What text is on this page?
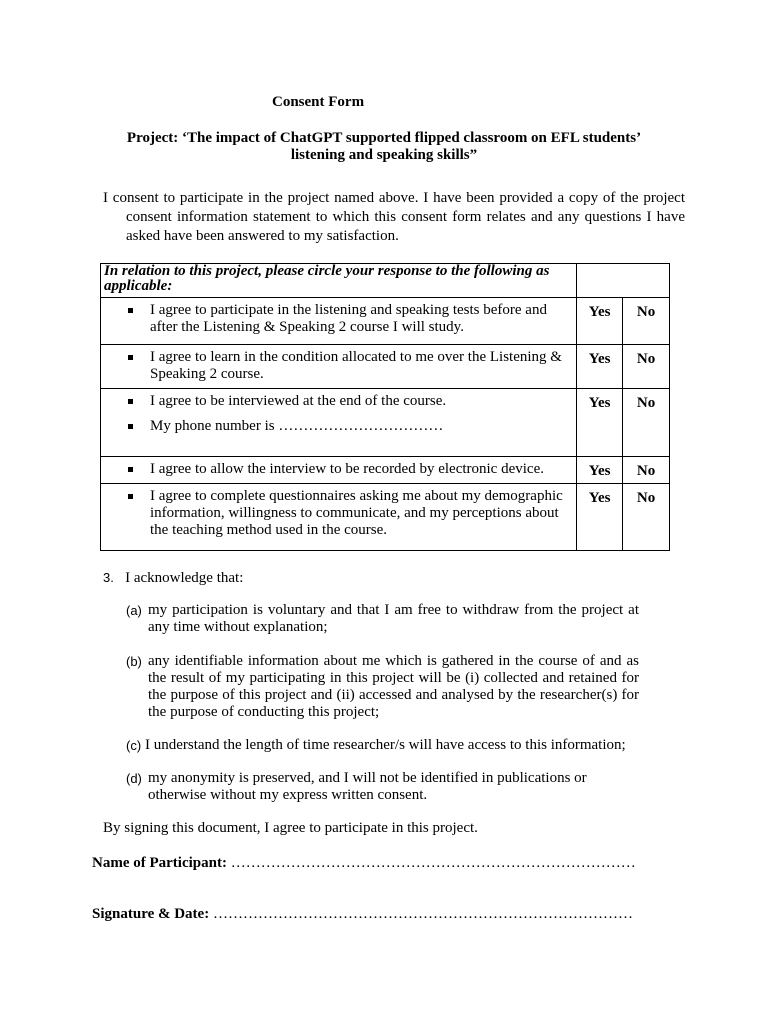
Consent Form
Project: ‘The impact of ChatGPT supported flipped classroom on EFL students’ listening and speaking skills”
I consent to participate in the project named above. I have been provided a copy of the project consent information statement to which this consent form relates and any questions I have asked have been answered to my satisfaction.
In relation to this project, please circle your response to the following as applicable:		

I agree to participate in the listening and speaking tests before and after the Listening & Speaking 2 course I will study.	Yes	No

I agree to learn in the condition allocated to me over the Listening & Speaking 2 course.	Yes	No

I agree to be interviewed at the end of the course.
My phone number is ……………………………	Yes	No

I agree to allow the interview to be recorded by electronic device.	Yes	No

I agree to complete questionnaires asking me about my demographic information, willingness to communicate, and my perceptions about the teaching method used in the course.	Yes	No
3. I acknowledge that:
(a) my participation is voluntary and that I am free to withdraw from the project at any time without explanation;
(b) any identifiable information about me which is gathered in the course of and as the result of my participating in this project will be (i) collected and retained for the purpose of this project and (ii) accessed and analysed by the researcher(s) for the purpose of conducting this project;
(c) I understand the length of time researcher/s will have access to this information;
(d) my anonymity is preserved, and I will not be identified in publications or otherwise without my express written consent.
By signing this document, I agree to participate in this project.
Name of Participant: ………………………………………………………………………
Signature & Date: …………………………………………………………………………
